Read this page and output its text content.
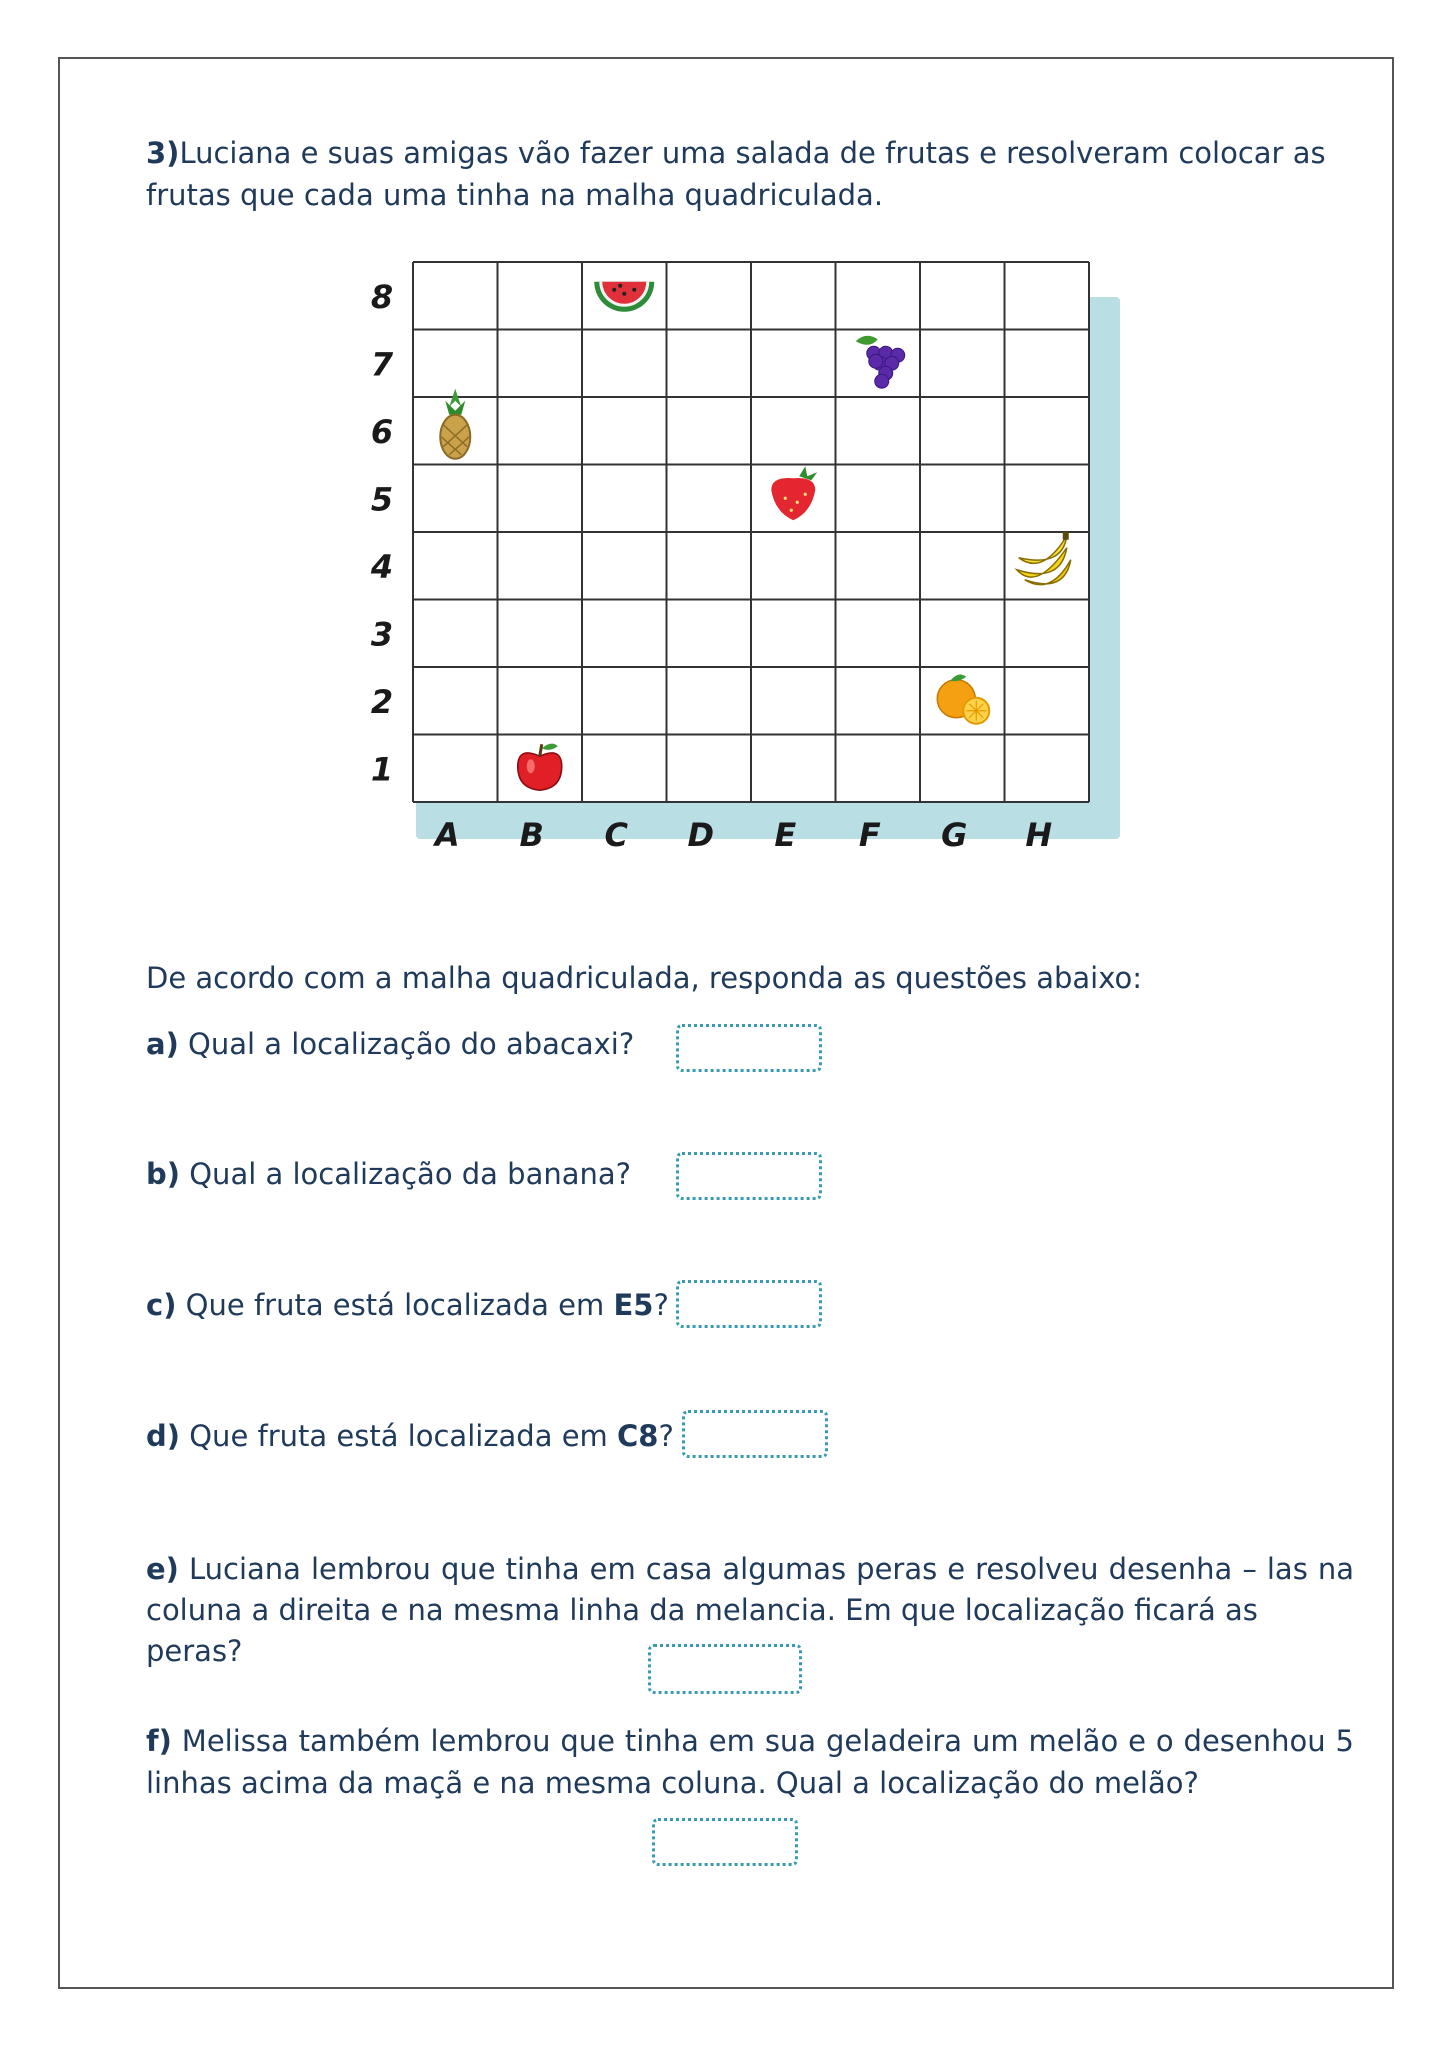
3)Luciana e suas amigas vão fazer uma salada de frutas e resolveram colocar as
frutas que cada uma tinha na malha quadriculada.
1
2
3
4
5
6
7
8
A B C D E F G H
De acordo com a malha quadriculada, responda as questões abaixo:
a) Qual a localização do abacaxi?
b) Qual a localização da banana?
c) Que fruta está localizada em E5?
d) Que fruta está localizada em C8?
e) Luciana lembrou que tinha em casa algumas peras e resolveu desenha – las na
coluna a direita e na mesma linha da melancia. Em que localização ficará as peras?
f) Melissa também lembrou que tinha em sua geladeira um melão e o desenhou 5
linhas acima da maçã e na mesma coluna. Qual a localização do melão?
